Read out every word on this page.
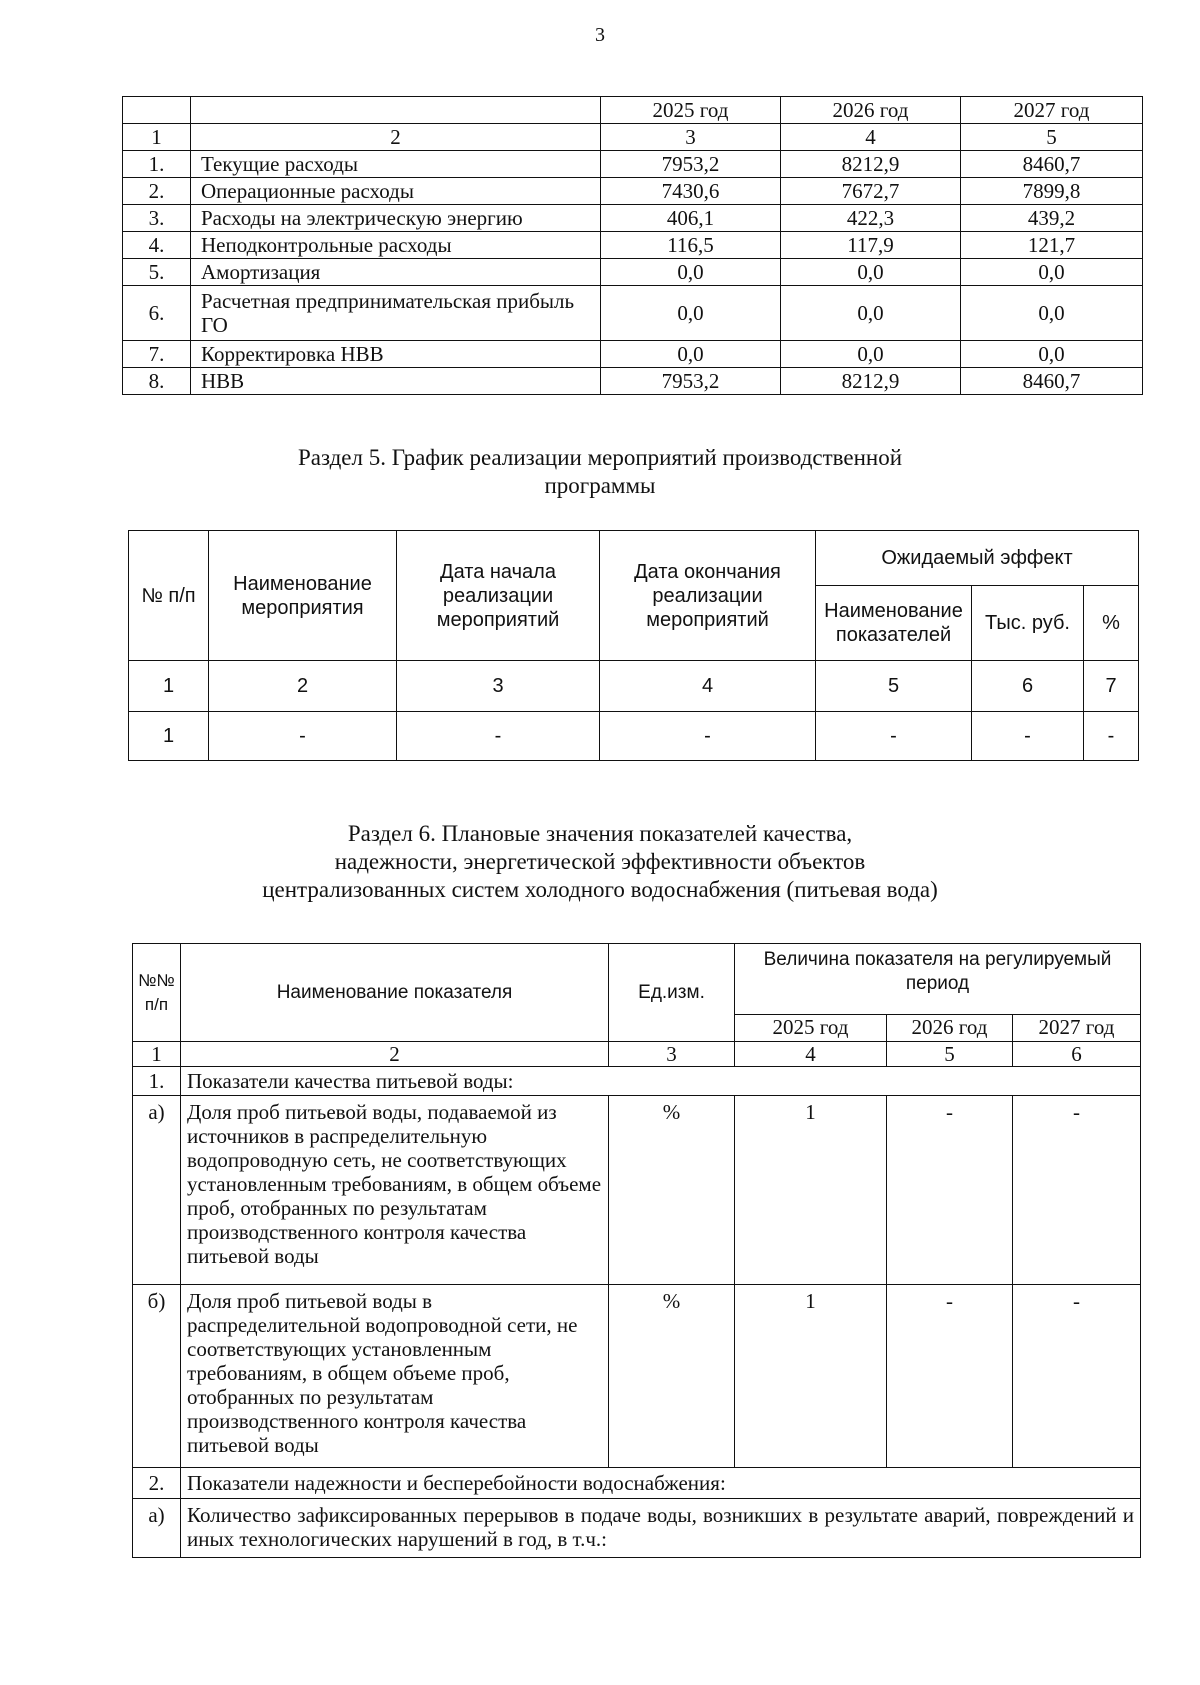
3
		2025 год	2026 год	2027 год
1	2	3	4	5
1.	Текущие расходы	7953,2	8212,9	8460,7
2.	Операционные расходы	7430,6	7672,7	7899,8
3.	Расходы на электрическую энергию	406,1	422,3	439,2
4.	Неподконтрольные расходы	116,5	117,9	121,7
5.	Амортизация	0,0	0,0	0,0
6.	Расчетная предпринимательская прибыль ГО	0,0	0,0	0,0
7.	Корректировка НВВ	0,0	0,0	0,0
8.	НВВ	7953,2	8212,9	8460,7
Раздел 5. График реализации мероприятий производственной
программы
№ п/п	Наименование мероприятия	Дата начала реализации мероприятий	Дата окончания реализации мероприятий	Ожидаемый эффект		
				Наименование показателей	Тыс. руб.	%
1	2	3	4	5	6	7
1	-	-	-	-	-	-
Раздел 6. Плановые значения показателей качества,
надежности, энергетической эффективности объектов
централизованных систем холодного водоснабжения (питьевая вода)
№№ п/п	Наименование показателя	Ед.изм.	Величина показателя на регулируемый период		
			2025 год	2026 год	2027 год
1	2	3	4	5	6
1.	Показатели качества питьевой воды:				
а)	Доля проб питьевой воды, подаваемой из источников в распределительную водопроводную сеть, не соответствующих установленным требованиям, в общем объеме проб, отобранных по результатам производственного контроля качества питьевой воды	%	1	-	-
б)	Доля проб питьевой воды в распределительной водопроводной сети, не соответствующих установленным требованиям, в общем объеме проб, отобранных по результатам производственного контроля качества питьевой воды	%	1	-	-
2.	Показатели надежности и бесперебойности водоснабжения:				
а)	Количество зафиксированных перерывов в подаче воды, возникших в результате аварий, повреждений и иных технологических нарушений в год, в т.ч.:				
